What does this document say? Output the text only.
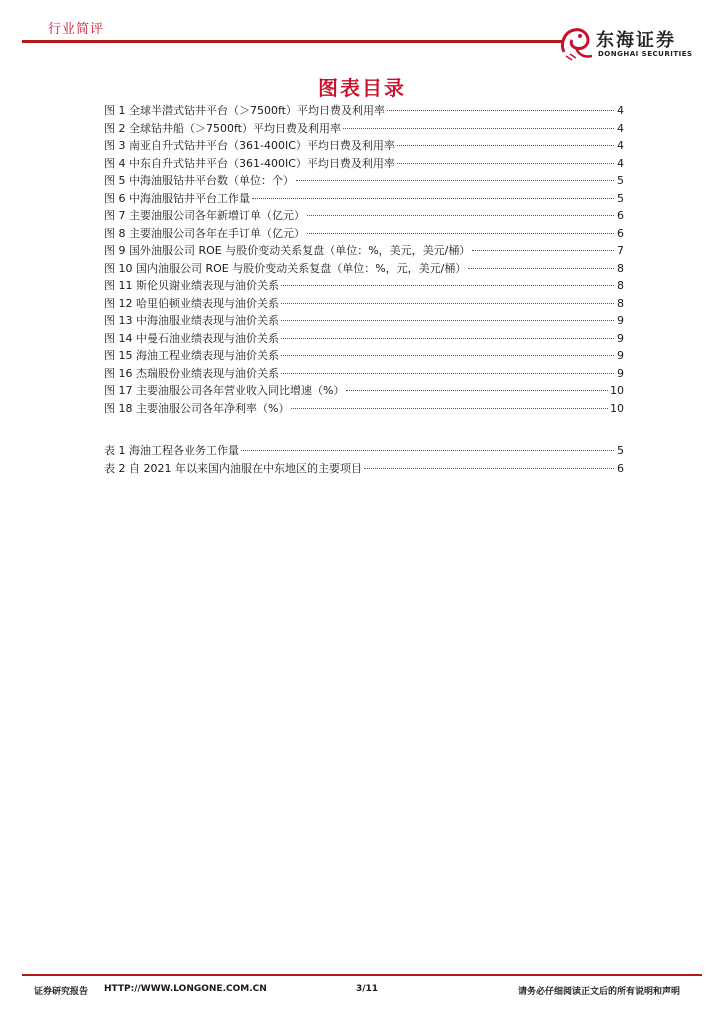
行业简评
东海证券
DONGHAI SECURITIES
图表目录
图 1 全球半潜式钻井平台（＞7500ft）平均日费及利用率	4
图 2 全球钻井船（＞7500ft）平均日费及利用率	4
图 3 南亚自升式钻井平台（361-400IC）平均日费及利用率	4
图 4 中东自升式钻井平台（361-400IC）平均日费及利用率	4
图 5 中海油服钻井平台数（单位：个）	5
图 6 中海油服钻井平台工作量	5
图 7 主要油服公司各年新增订单（亿元）	6
图 8 主要油服公司各年在手订单（亿元）	6
图 9 国外油服公司 ROE 与股价变动关系复盘（单位：%，美元，美元/桶）	7
图 10 国内油服公司 ROE 与股价变动关系复盘（单位：%，元，美元/桶）	8
图 11 斯伦贝谢业绩表现与油价关系	8
图 12 哈里伯顿业绩表现与油价关系	8
图 13 中海油服业绩表现与油价关系	9
图 14 中曼石油业绩表现与油价关系	9
图 15 海油工程业绩表现与油价关系	9
图 16 杰瑞股份业绩表现与油价关系	9
图 17 主要油服公司各年营业收入同比增速（%）	10
图 18 主要油服公司各年净利率（%）	10
表 1 海油工程各业务工作量	5
表 2 自 2021 年以来国内油服在中东地区的主要项目	6
证券研究报告 HTTP://WWW.LONGONE.COM.CN	3/11	请务必仔细阅读正文后的所有说明和声明
